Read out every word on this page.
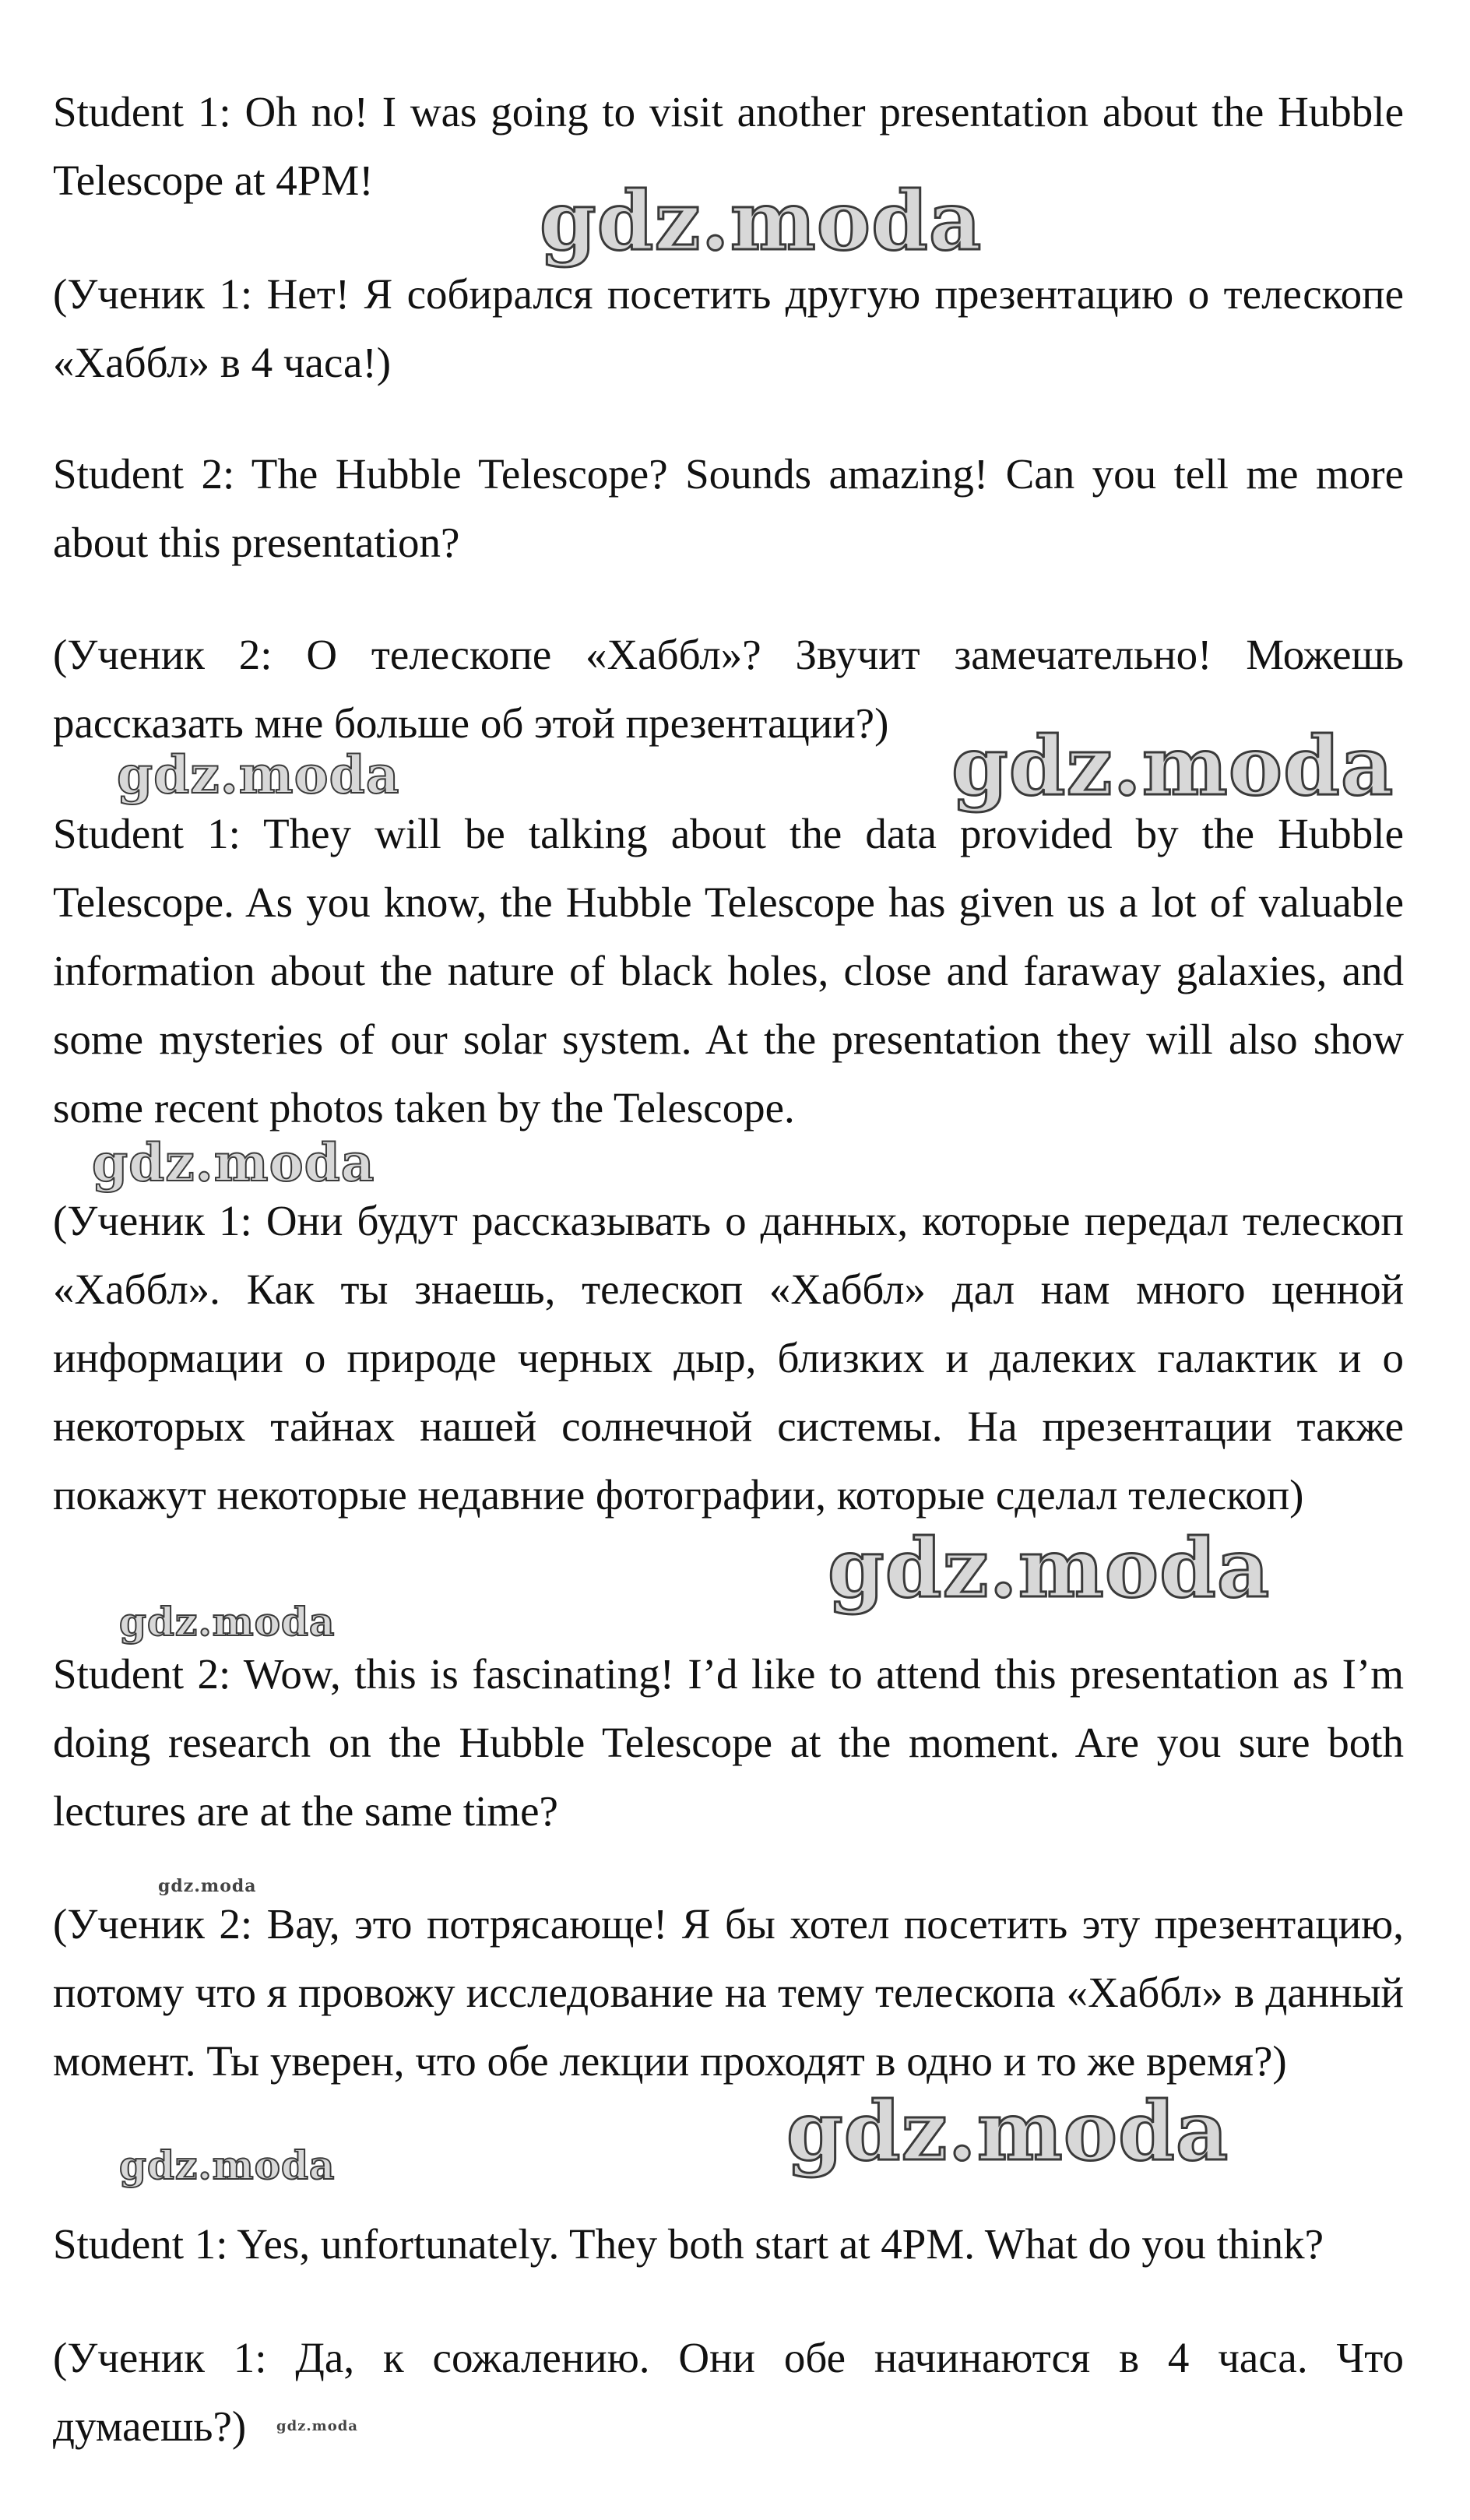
Student 1: Oh no! I was going to visit another presentation about the Hubble Telescope at 4PM!

(Ученик 1: Нет! Я собирался посетить другую презентацию о телескопе «Хаббл» в 4 часа!)

Student 2: The Hubble Telescope? Sounds amazing! Can you tell me more about this presentation?

(Ученик 2: О телескопе «Хаббл»? Звучит замечательно! Можешь рассказать мне больше об этой презентации?)

Student 1: They will be talking about the data provided by the Hubble Telescope. As you know, the Hubble Telescope has given us a lot of valuable information about the nature of black holes, close and faraway galaxies, and some mysteries of our solar system. At the presentation they will also show some recent photos taken by the Telescope.

(Ученик 1: Они будут рассказывать о данных, которые передал телескоп «Хаббл». Как ты знаешь, телескоп «Хаббл» дал нам много ценной информации о природе черных дыр, близких и далеких галактик и о некоторых тайнах нашей солнечной системы. На презентации также покажут некоторые недавние фотографии, которые сделал телескоп)

Student 2: Wow, this is fascinating! I’d like to attend this presentation as I’m doing research on the Hubble Telescope at the moment. Are you sure both lectures are at the same time?

(Ученик 2: Вау, это потрясающе! Я бы хотел посетить эту презентацию, потому что я провожу исследование на тему телескопа «Хаббл» в данный момент. Ты уверен, что обе лекции проходят в одно и то же время?)

Student 1: Yes, unfortunately. They both start at 4PM. What do you think?

(Ученик 1: Да, к сожалению. Они обе начинаются в 4 часа. Что думаешь?)

gdz.moda
gdz.moda	gdz.moda
gdz.moda
gdz.moda
gdz.moda
gdz.moda
gdz.moda
gdz.moda
gdz.moda
